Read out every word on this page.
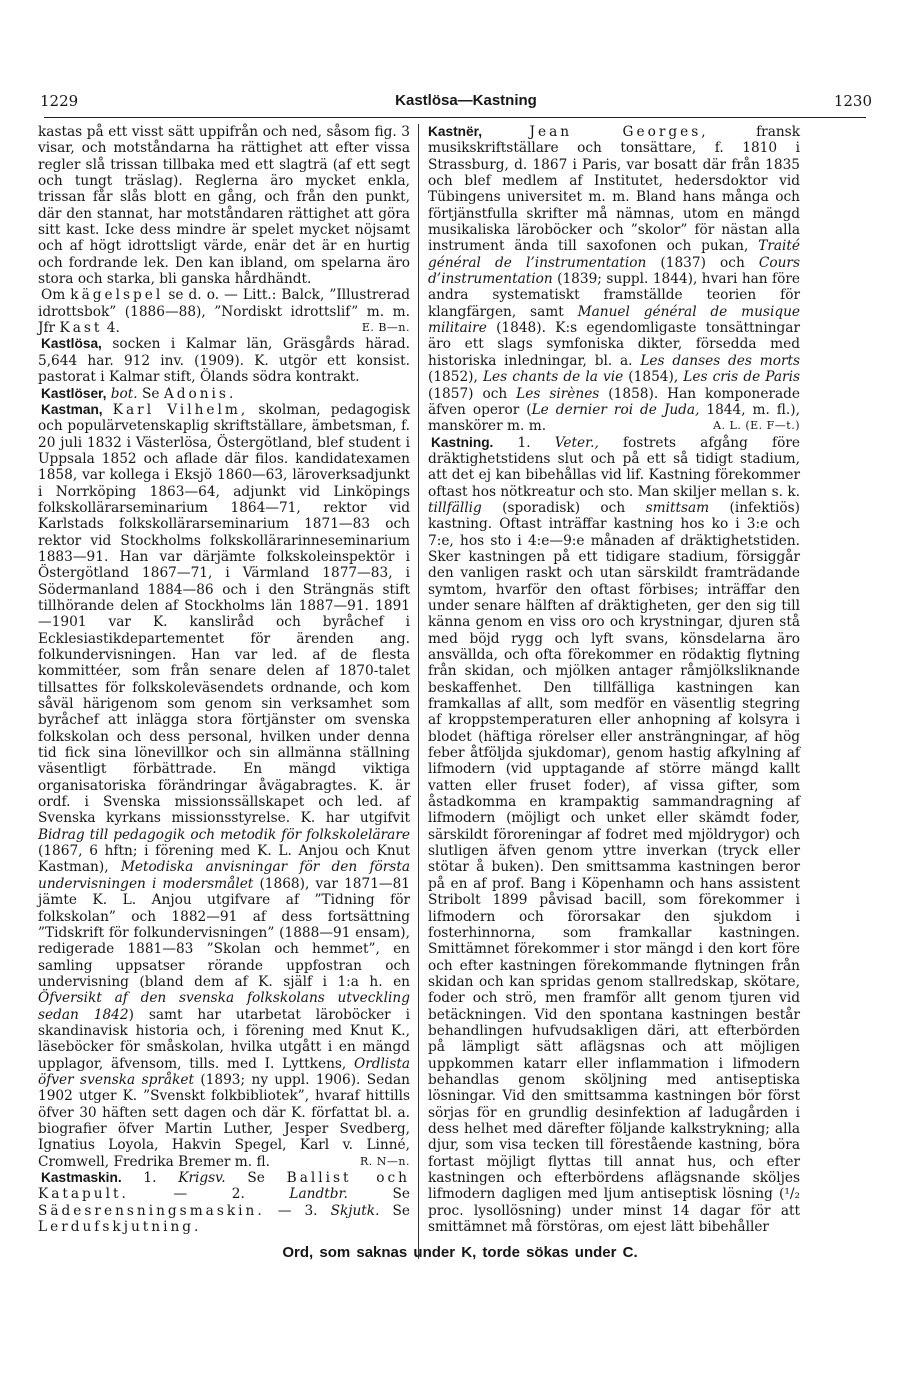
1229	Kastlösa—Kastning	1230

kastas på ett visst sätt uppifrån och ned, såsom fig. 3 visar, och motståndarna ha rättighet att efter vissa regler slå trissan tillbaka med ett slagträ (af ett segt och tungt träslag). Reglerna äro mycket enkla, trissan får slås blott en gång, och från den punkt, där den stannat, har motståndaren rättighet att göra sitt kast. Icke dess mindre är spelet mycket nöjsamt och af högt idrottsligt värde, enär det är en hurtig och fordrande lek. Den kan ibland, om spelarna äro stora och starka, bli ganska hårdhändt.

Om kägelspel se d. o. — Litt.: Balck, ”Illustrerad idrottsbok” (1886—88), ”Nordiskt idrottslif” m. m. Jfr Kast 4.	E. B—n.

Kastlösa, socken i Kalmar län, Gräsgårds härad. 5,644 har. 912 inv. (1909). K. utgör ett konsist. pastorat i Kalmar stift, Ölands södra kontrakt.

Kastlöser, bot. Se Adonis.

Kastman, Karl Vilhelm, skolman, pedagogisk och populärvetenskaplig skriftställare, ämbetsman, f. 20 juli 1832 i Västerlösa, Östergötland, blef student i Uppsala 1852 och aflade där filos. kandidatexamen 1858, var kollega i Eksjö 1860—63, läroverksadjunkt i Norrköping 1863—64, adjunkt vid Linköpings folkskollärarseminarium 1864—71, rektor vid Karlstads folkskollärarseminarium 1871—83 och rektor vid Stockholms folkskollärarinneseminarium 1883—91. Han var därjämte folkskoleinspektör i Östergötland 1867—71, i Värmland 1877—83, i Södermanland 1884—86 och i den Strängnäs stift tillhörande delen af Stockholms län 1887—91. 1891—1901 var K. kansliråd och byråchef i Ecklesiastikdepartementet för ärenden ang. folkundervisningen. Han var led. af de flesta kommittéer, som från senare delen af 1870-talet tillsattes för folkskoleväsendets ordnande, och kom såväl härigenom som genom sin verksamhet som byråchef att inlägga stora förtjänster om svenska folkskolan och dess personal, hvilken under denna tid fick sina lönevillkor och sin allmänna ställning väsentligt förbättrade. En mängd viktiga organisatoriska förändringar åvägabragtes. K. är ordf. i Svenska missionssällskapet och led. af Svenska kyrkans missionsstyrelse. K. har utgifvit Bidrag till pedagogik och metodik för folkskolelärare (1867, 6 hftn; i förening med K. L. Anjou och Knut Kastman), Metodiska anvisningar för den första undervisningen i modersmålet (1868), var 1871—81 jämte K. L. Anjou utgifvare af ”Tidning för folkskolan” och 1882—91 af dess fortsättning ”Tidskrift för folkundervisningen” (1888—91 ensam), redigerade 1881—83 ”Skolan och hemmet”, en samling uppsatser rörande uppfostran och undervisning (bland dem af K. själf i 1:a h. en Öfversikt af den svenska folkskolans utveckling sedan 1842) samt har utarbetat läroböcker i skandinavisk historia och, i förening med Knut K., läseböcker för småskolan, hvilka utgått i en mängd upplagor, äfvensom, tills. med I. Lyttkens, Ordlista öfver svenska språket (1893; ny uppl. 1906). Sedan 1902 utger K. ”Svenskt folkbibliotek”, hvaraf hittills öfver 30 häften sett dagen och där K. författat bl. a. biografier öfver Martin Luther, Jesper Svedberg, Ignatius Loyola, Hakvin Spegel, Karl v. Linné, Cromwell, Fredrika Bremer m. fl.	R. N—n.

Kastmaskin. 1. Krigsv. Se Ballist och Katapult. — 2. Landtbr. Se Sädesrensningsmaskin. — 3. Skjutk. Se Lerdufskjutning.

Kastnër,	Jean Georges, fransk musikskriftställare och tonsättare, f. 1810 i Strassburg, d. 1867 i Paris, var bosatt där från 1835 och blef medlem af Institutet, hedersdoktor vid Tübingens universitet m. m. Bland hans många och förtjänstfulla skrifter må nämnas, utom en mängd musikaliska läroböcker och ”skolor” för nästan alla instrument ända till saxofonen och pukan, Traité général de l’instrumentation (1837) och Cours d’instrumentation (1839; suppl. 1844), hvari han före andra systematiskt framställde teorien för klangfärgen, samt Manuel général de musique militaire (1848). K:s egendomligaste tonsättningar äro ett slags symfoniska dikter, försedda med historiska inledningar, bl. a. Les danses des morts (1852), Les chants de la vie (1854), Les cris de Paris (1857) och Les sirènes (1858). Han komponerade äfven operor (Le dernier roi de Juda, 1844, m. fl.), manskörer m. m.	A. L. (E. F—t.)

Kastning. 1. Veter., fostrets afgång före dräktighetstidens slut och på ett så tidigt stadium, att det ej kan bibehållas vid lif. Kastning förekommer oftast hos nötkreatur och sto. Man skiljer mellan s. k. tillfällig (sporadisk) och smittsam (infektiös) kastning. Oftast inträffar kastning hos ko i 3:e och 7:e, hos sto i 4:e—9:e månaden af dräktighetstiden. Sker kastningen på ett tidigare stadium, försiggår den vanligen raskt och utan särskildt framträdande symtom, hvarför den oftast förbises; inträffar den under senare hälften af dräktigheten, ger den sig till känna genom en viss oro och krystningar, djuren stå med böjd rygg och lyft svans, könsdelarna äro ansvällda, och ofta förekommer en rödaktig flytning från skidan, och mjölken antager råmjölksliknande beskaffenhet. Den tillfälliga kastningen kan framkallas af allt, som medför en väsentlig stegring af kroppstemperaturen eller anhopning af kolsyra i blodet (häftiga rörelser eller ansträngningar, af hög feber åtföljda sjukdomar), genom hastig afkylning af lifmodern (vid upptagande af större mängd kallt vatten eller fruset foder), af vissa gifter, som åstadkomma en krampaktig sammandragning af lifmodern (möjligt och unket eller skämdt foder, särskildt föroreningar af fodret med mjöldrygor) och slutligen äfven genom yttre inverkan (tryck eller stötar å buken). Den smittsamma kastningen beror på en af prof. Bang i Köpenhamn och hans assistent Stribolt 1899 påvisad bacill, som förekommer i lifmodern och förorsakar den sjukdom i fosterhinnorna, som framkallar kastningen. Smittämnet förekommer i stor mängd i den kort före och efter kastningen förekommande flytningen från skidan och kan spridas genom stallredskap, skötare, foder och strö, men framför allt genom tjuren vid betäckningen. Vid den spontana kastningen består behandlingen hufvudsakligen däri, att efterbörden på lämpligt sätt aflägsnas och att möjligen uppkommen katarr eller inflammation i lifmodern behandlas genom sköljning med antiseptiska lösningar. Vid den smittsamma kastningen bör först sörjas för en grundlig desinfektion af ladugården i dess helhet med därefter följande kalkstrykning; alla djur, som visa tecken till förestående kastning, böra fortast möjligt flyttas till annat hus, och efter kastningen och efterbördens aflägsnande sköljes lifmodern dagligen med ljum antiseptisk lösning (¹/₂ proc. lysollösning) under minst 14 dagar för att smittämnet må förstöras, om ejest lätt bibehåller

Ord, som saknas under K, torde sökas under C.
